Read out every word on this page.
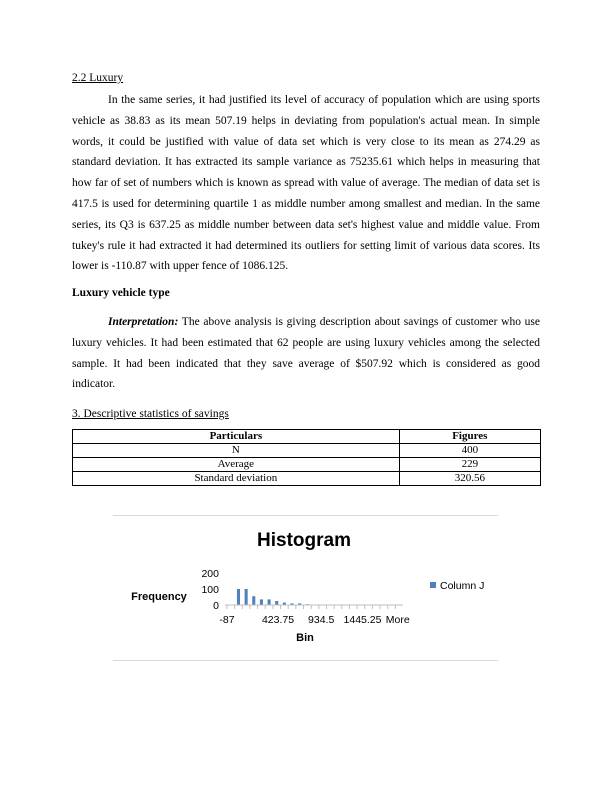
2.2 Luxury

In the same series, it had justified its level of accuracy of population which are using sports vehicle as 38.83 as its mean 507.19 helps in deviating from population's actual mean. In simple words, it could be justified with value of data set which is very close to its mean as 274.29 as standard deviation. It has extracted its sample variance as 75235.61 which helps in measuring that how far of set of numbers which is known as spread with value of average. The median of data set is 417.5 is used for determining quartile 1 as middle number among smallest and median. In the same series, its Q3 is 637.25 as middle number between data set's highest value and middle value. From tukey's rule it had extracted it had determined its outliers for setting limit of various data scores. Its lower is -110.87 with upper fence of 1086.125.

Luxury vehicle type

Interpretation: The above analysis is giving description about savings of customer who use luxury vehicles. It had been estimated that 62 people are using luxury vehicles among the selected sample. It had been indicated that they save average of $507.92 which is considered as good indicator.

3. Descriptive statistics of savings
Particulars	Figures
N	400
Average	229
Standard deviation	320.56
Histogram
Frequency
Bin
200
100
0
-87	423.75 934.5 1445.25 More
Column J
